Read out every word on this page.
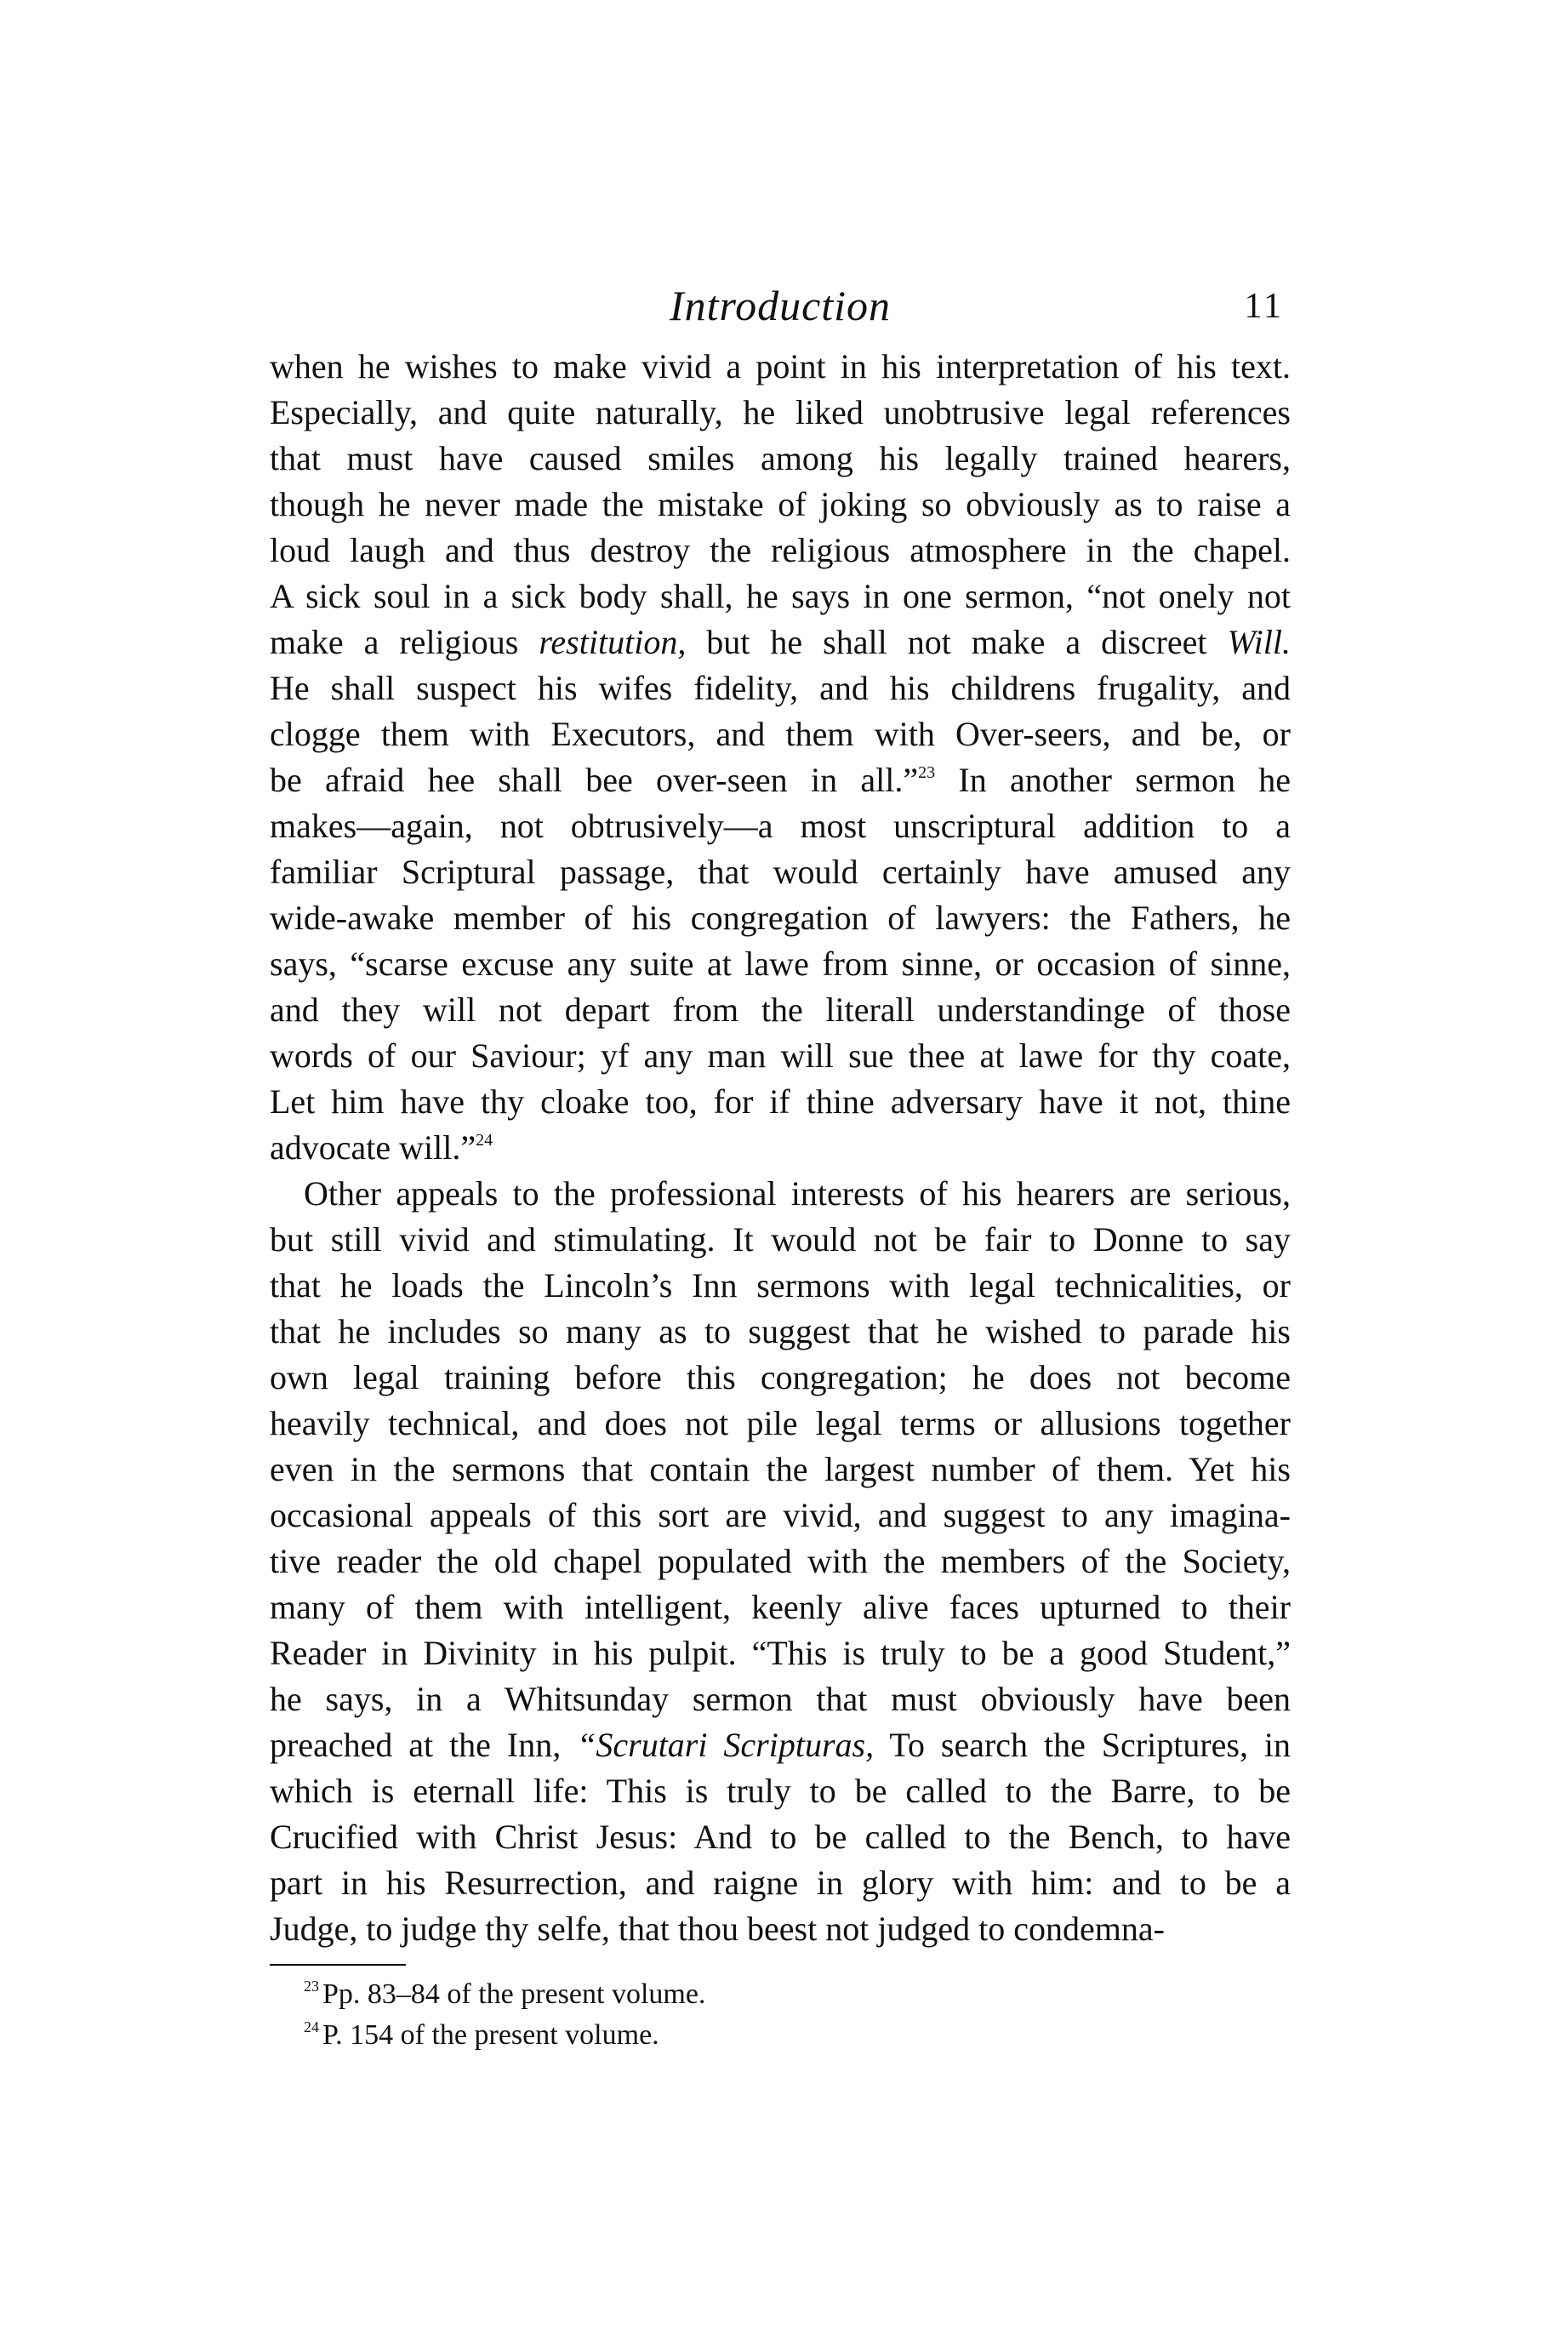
Introduction	11

when he wishes to make vivid a point in his interpretation of his text.
Especially, and quite naturally, he liked unobtrusive legal references
that must have caused smiles among his legally trained hearers,
though he never made the mistake of joking so obviously as to raise a
loud laugh and thus destroy the religious atmosphere in the chapel.
A sick soul in a sick body shall, he says in one sermon, “not onely not
make a religious restitution, but he shall not make a discreet Will.
He shall suspect his wifes fidelity, and his childrens frugality, and
clogge them with Executors, and them with Over-seers, and be, or
be afraid hee shall bee over-seen in all.”$^{23}$ In another sermon he
makes—again, not obtrusively—a most unscriptural addition to a
familiar Scriptural passage, that would certainly have amused any
wide-awake member of his congregation of lawyers: the Fathers, he
says, “scarse excuse any suite at lawe from sinne, or occasion of sinne,
and they will not depart from the literall understandinge of those
words of our Saviour; yf any man will sue thee at lawe for thy coate,
Let him have thy cloake too, for if thine adversary have it not, thine
advocate will.”$^{24}$

Other appeals to the professional interests of his hearers are serious,
but still vivid and stimulating. It would not be fair to Donne to say
that he loads the Lincoln’s Inn sermons with legal technicalities, or
that he includes so many as to suggest that he wished to parade his
own legal training before this congregation; he does not become
heavily technical, and does not pile legal terms or allusions together
even in the sermons that contain the largest number of them. Yet his
occasional appeals of this sort are vivid, and suggest to any imagina-
tive reader the old chapel populated with the members of the Society,
many of them with intelligent, keenly alive faces upturned to their
Reader in Divinity in his pulpit. “This is truly to be a good Student,”
he says, in a Whitsunday sermon that must obviously have been
preached at the Inn, “Scrutari Scripturas, To search the Scriptures, in
which is eternall life: This is truly to be called to the Barre, to be
Crucified with Christ Jesus: And to be called to the Bench, to have
part in his Resurrection, and raigne in glory with him: and to be a
Judge, to judge thy selfe, that thou beest not judged to condemna-

$^{23}$ Pp. 83–84 of the present volume.
$^{24}$ P. 154 of the present volume.
